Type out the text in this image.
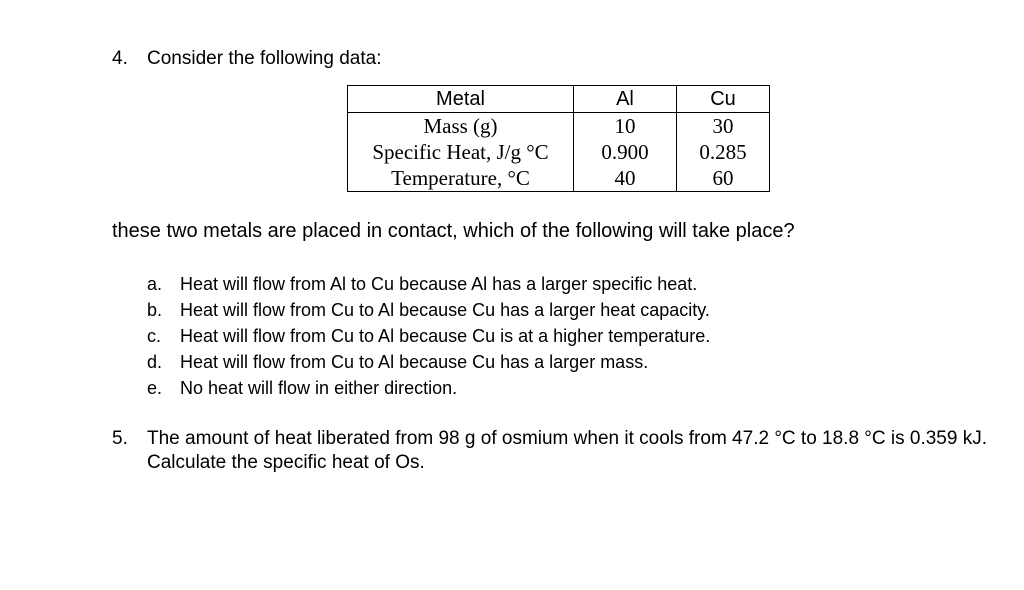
4. Consider the following data:
Metal	Al	Cu
Mass (g)	10	30
Specific Heat, J/g °C	0.900	0.285
Temperature, °C	40	60
these two metals are placed in contact, which of the following will take place?
a. Heat will flow from Al to Cu because Al has a larger specific heat.
b. Heat will flow from Cu to Al because Cu has a larger heat capacity.
c. Heat will flow from Cu to Al because Cu is at a higher temperature.
d. Heat will flow from Cu to Al because Cu has a larger mass.
e. No heat will flow in either direction.
5. The amount of heat liberated from 98 g of osmium when it cools from 47.2 °C to 18.8 °C is 0.359 kJ. Calculate the specific heat of Os.
